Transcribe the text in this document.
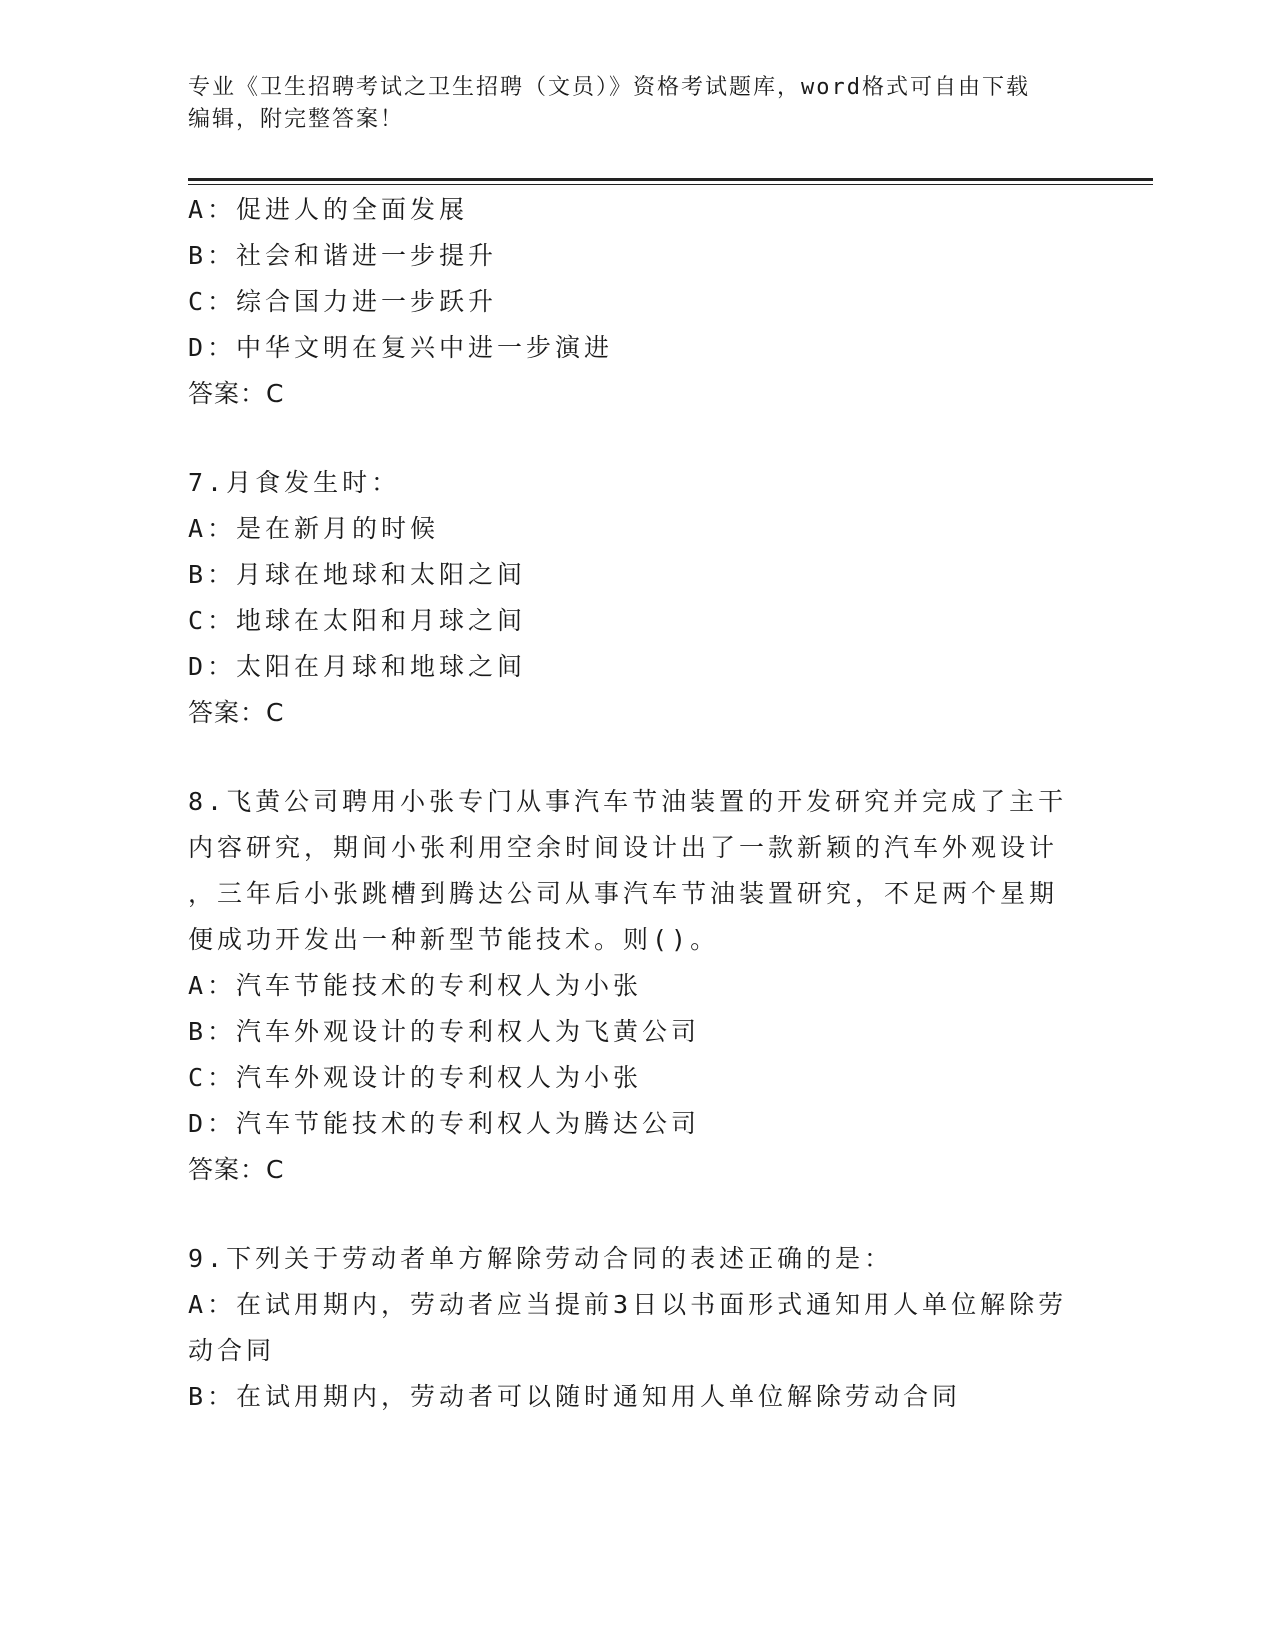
专业《卫生招聘考试之卫生招聘（文员）》资格考试题库，word格式可自由下载
编辑，附完整答案！
A：促进人的全面发展
B：社会和谐进一步提升
C：综合国力进一步跃升
D：中华文明在复兴中进一步演进
答案：C
7.月食发生时：
A：是在新月的时候
B：月球在地球和太阳之间
C：地球在太阳和月球之间
D：太阳在月球和地球之间
答案：C
8.飞黄公司聘用小张专门从事汽车节油装置的开发研究并完成了主干
内容研究，期间小张利用空余时间设计出了一款新颖的汽车外观设计
，三年后小张跳槽到腾达公司从事汽车节油装置研究，不足两个星期
便成功开发出一种新型节能技术。则()。
A：汽车节能技术的专利权人为小张
B：汽车外观设计的专利权人为飞黄公司
C：汽车外观设计的专利权人为小张
D：汽车节能技术的专利权人为腾达公司
答案：C
9.下列关于劳动者单方解除劳动合同的表述正确的是：
A：在试用期内，劳动者应当提前3日以书面形式通知用人单位解除劳
动合同
B：在试用期内，劳动者可以随时通知用人单位解除劳动合同
